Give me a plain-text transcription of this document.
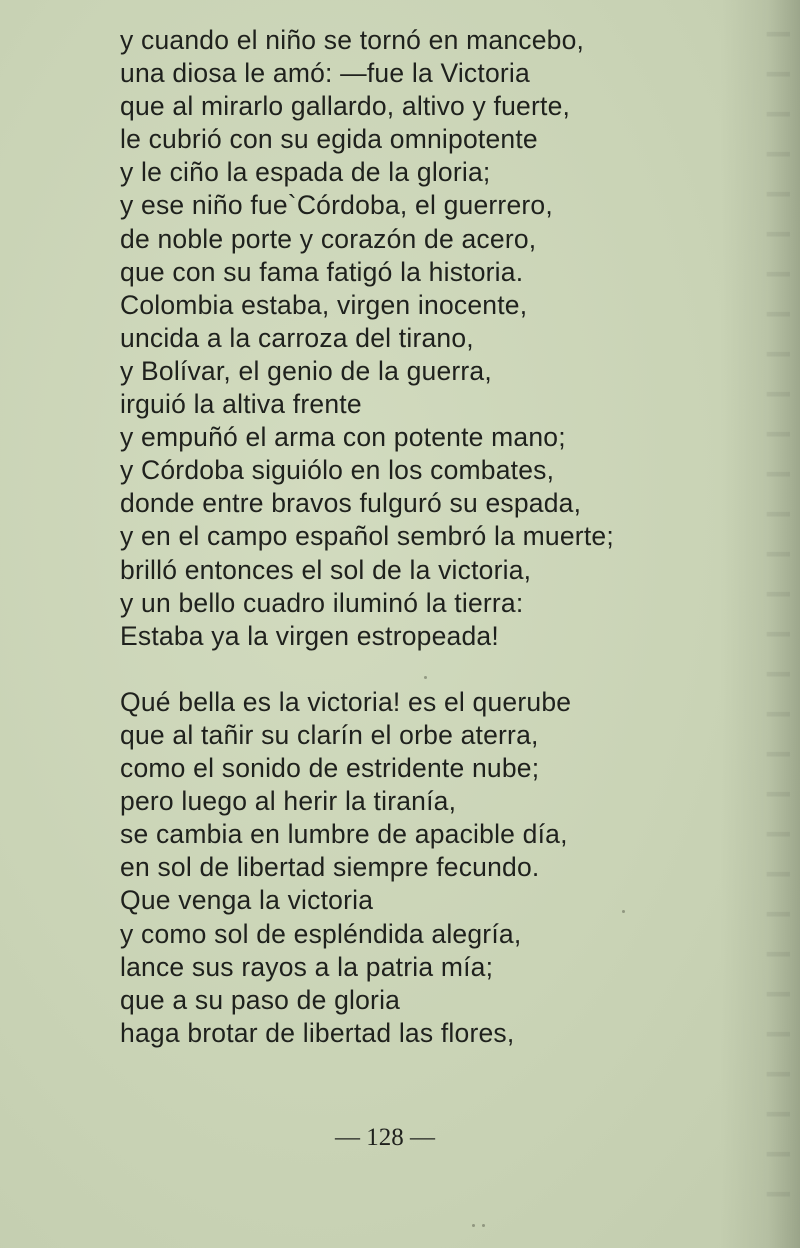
▁
▁
▁
▁
▁
▁
▁
▁
▁
▁
▁
▁
▁
▁
▁
▁
▁
▁
▁
▁
▁
▁
▁
▁
▁
▁
▁
▁
▁
▁
y cuando el niño se tornó en mancebo,
una diosa le amó: —fue la Victoria
que al mirarlo gallardo, altivo y fuerte,
le cubrió con su egida omnipotente
y le ciño la espada de la gloria;
y ese niño fue`Córdoba, el guerrero,
de noble porte y corazón de acero,
que con su fama fatigó la historia.
Colombia estaba, virgen inocente,
uncida a la carroza del tirano,
y Bolívar, el genio de la guerra,
irguió la altiva frente
y empuñó el arma con potente mano;
y Córdoba siguiólo en los combates,
donde entre bravos fulguró su espada,
y en el campo español sembró la muerte;
brilló entonces el sol de la victoria,
y un bello cuadro iluminó la tierra:
Estaba ya la virgen estropeada!
Qué bella es la victoria! es el querube
que al tañir su clarín el orbe aterra,
como el sonido de estridente nube;
pero luego al herir la tiranía,
se cambia en lumbre de apacible día,
en sol de libertad siempre fecundo.
Que venga la victoria
y como sol de espléndida alegría,
lance sus rayos a la patria mía;
que a su paso de gloria
haga brotar de libertad las flores,
— 128 —
